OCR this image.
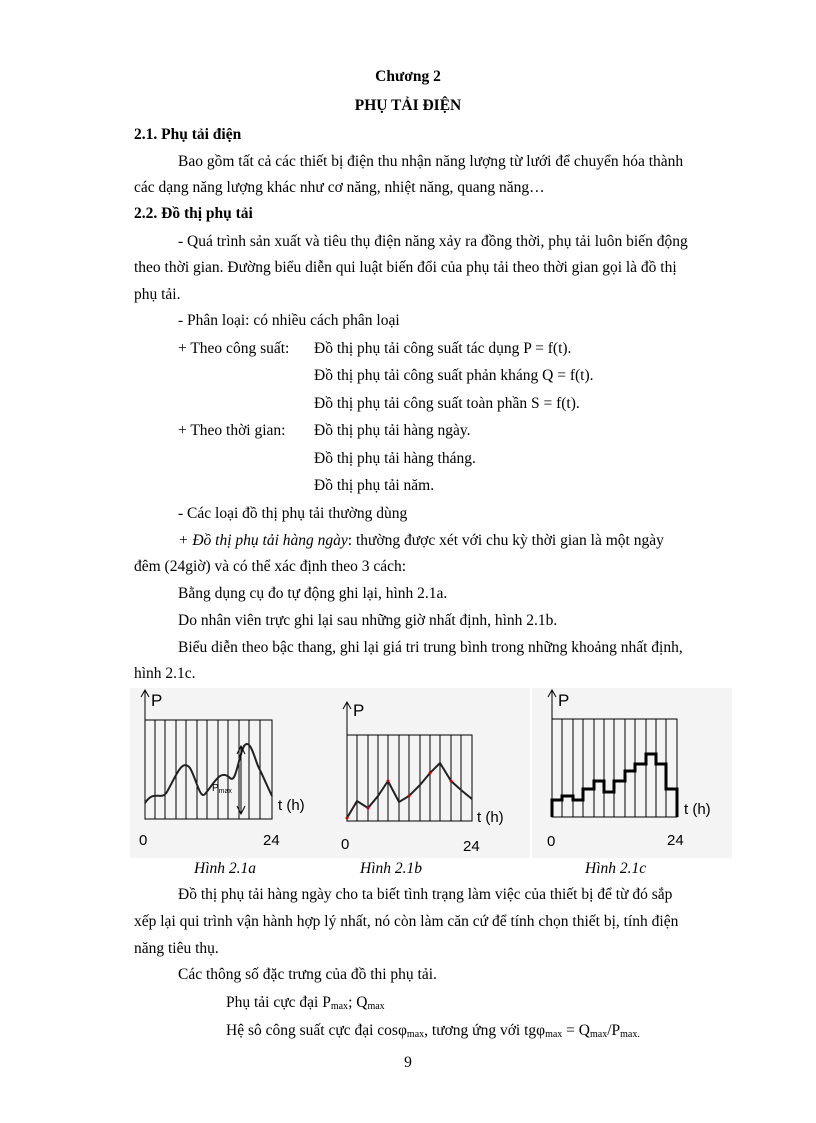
Chương 2
PHỤ TẢI ĐIỆN
2.1. Phụ tải điện
Bao gồm tất cả các thiết bị điện thu nhận năng lượng từ lưới để chuyển hóa thành
các dạng năng lượng khác như cơ năng, nhiệt năng, quang năng…
2.2. Đồ thị phụ tải
- Quá trình sản xuất và tiêu thụ điện năng xảy ra đồng thời, phụ tải luôn biến động
theo thời gian. Đường biểu diễn qui luật biến đổi của phụ tải theo thời gian gọi là đồ thị
phụ tải.
- Phân loại: có nhiều cách phân loại
+ Theo công suất: Đồ thị phụ tải công suất tác dụng P = f(t).
Đồ thị phụ tải công suất phản kháng Q = f(t).
Đồ thị phụ tải công suất toàn phần S = f(t).
+ Theo thời gian: Đồ thị phụ tải hàng ngày.
Đồ thị phụ tải hàng tháng.
Đồ thị phụ tải năm.
- Các loại đồ thị phụ tải thường dùng
+ Đồ thị phụ tải hàng ngày: thường được xét với chu kỳ thời gian là một ngày
đêm (24giờ) và có thể xác định theo 3 cách:
Bằng dụng cụ đo tự động ghi lại, hình 2.1a.
Do nhân viên trực ghi lại sau những giờ nhất định, hình 2.1b.
Biểu diễn theo bậc thang, ghi lại giá tri trung bình trong những khoảng nhất định,
hình 2.1c.
P
$P_{max}$
t (h)
0	24
P
t (h)
0	24
P
t (h)
0	24
Hình 2.1a	Hình 2.1b	Hình 2.1c
Đồ thị phụ tải hàng ngày cho ta biết tình trạng làm việc của thiết bị để từ đó sắp
xếp lại qui trình vận hành hợp lý nhất, nó còn làm căn cứ để tính chọn thiết bị, tính điện
năng tiêu thụ.
Các thông số đặc trưng của đồ thi phụ tải.
Phụ tải cực đại $P_{max}$; $Q_{max}$
Hệ sô công suất cực đại cosφ$_{max}$, tương ứng với $tg\varphi_{max} = Q_{max}/P_{max.}$
9
